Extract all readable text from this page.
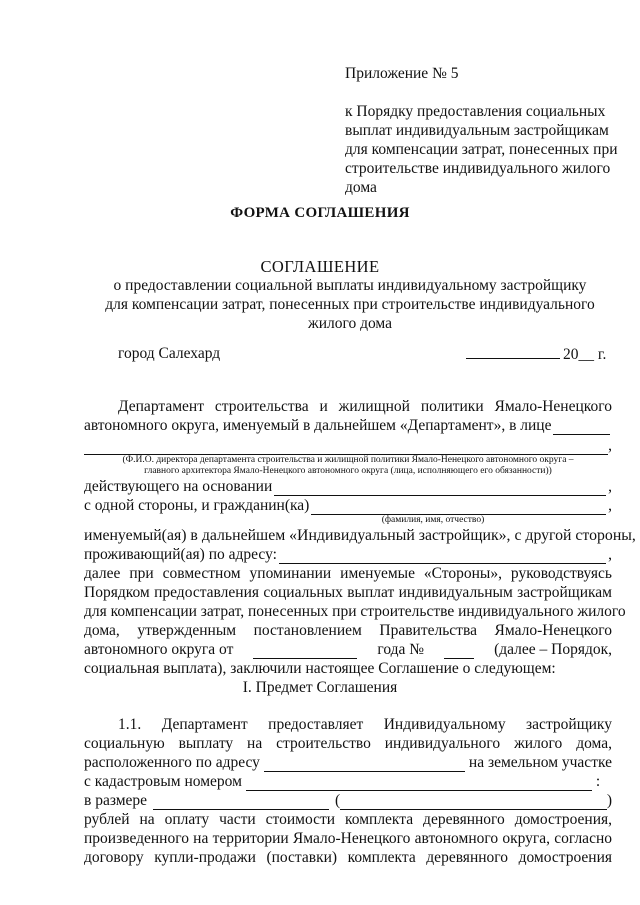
Приложение № 5
к Порядку предоставления социальных
выплат индивидуальным застройщикам
для компенсации затрат, понесенных при
строительстве индивидуального жилого
дома
ФОРМА СОГЛАШЕНИЯ
СОГЛАШЕНИЕ
о предоставлении социальной выплаты индивидуальному застройщику
для компенсации затрат, понесенных при строительстве индивидуального
жилого дома
город Салехард	20__ г.
Департамент строительства и жилищной политики Ямало-Ненецкого
автономного округа, именуемый в дальнейшем «Департамент», в лице
,
(Ф.И.О. директора департамента строительства и жилищной политики Ямало-Ненецкого автономного округа –
главного архитектора Ямало-Ненецкого автономного округа (лица, исполняющего его обязанности))
действующего на основании	,
с одной стороны, и гражданин(ка)	,
(фамилия, имя, отчество)
именуемый(ая) в дальнейшем «Индивидуальный застройщик», с другой стороны,
проживающий(ая) по адресу:	,
далее при совместном упоминании именуемые «Стороны», руководствуясь
Порядком предоставления социальных выплат индивидуальным застройщикам
для компенсации затрат, понесенных при строительстве индивидуального жилого
дома, утвержденным постановлением Правительства Ямало-Ненецкого
автономного округа от	года №	(далее – Порядок,
социальная выплата), заключили настоящее Соглашение о следующем:
I. Предмет Соглашения
1.1. Департамент предоставляет Индивидуальному застройщику
социальную выплату на строительство индивидуального жилого дома,
расположенного по адресу	на земельном участке
с кадастровым номером	:
в размере	(	)
рублей на оплату части стоимости комплекта деревянного домостроения,
произведенного на территории Ямало-Ненецкого автономного округа, согласно
договору купли-продажи (поставки) комплекта деревянного домостроения
